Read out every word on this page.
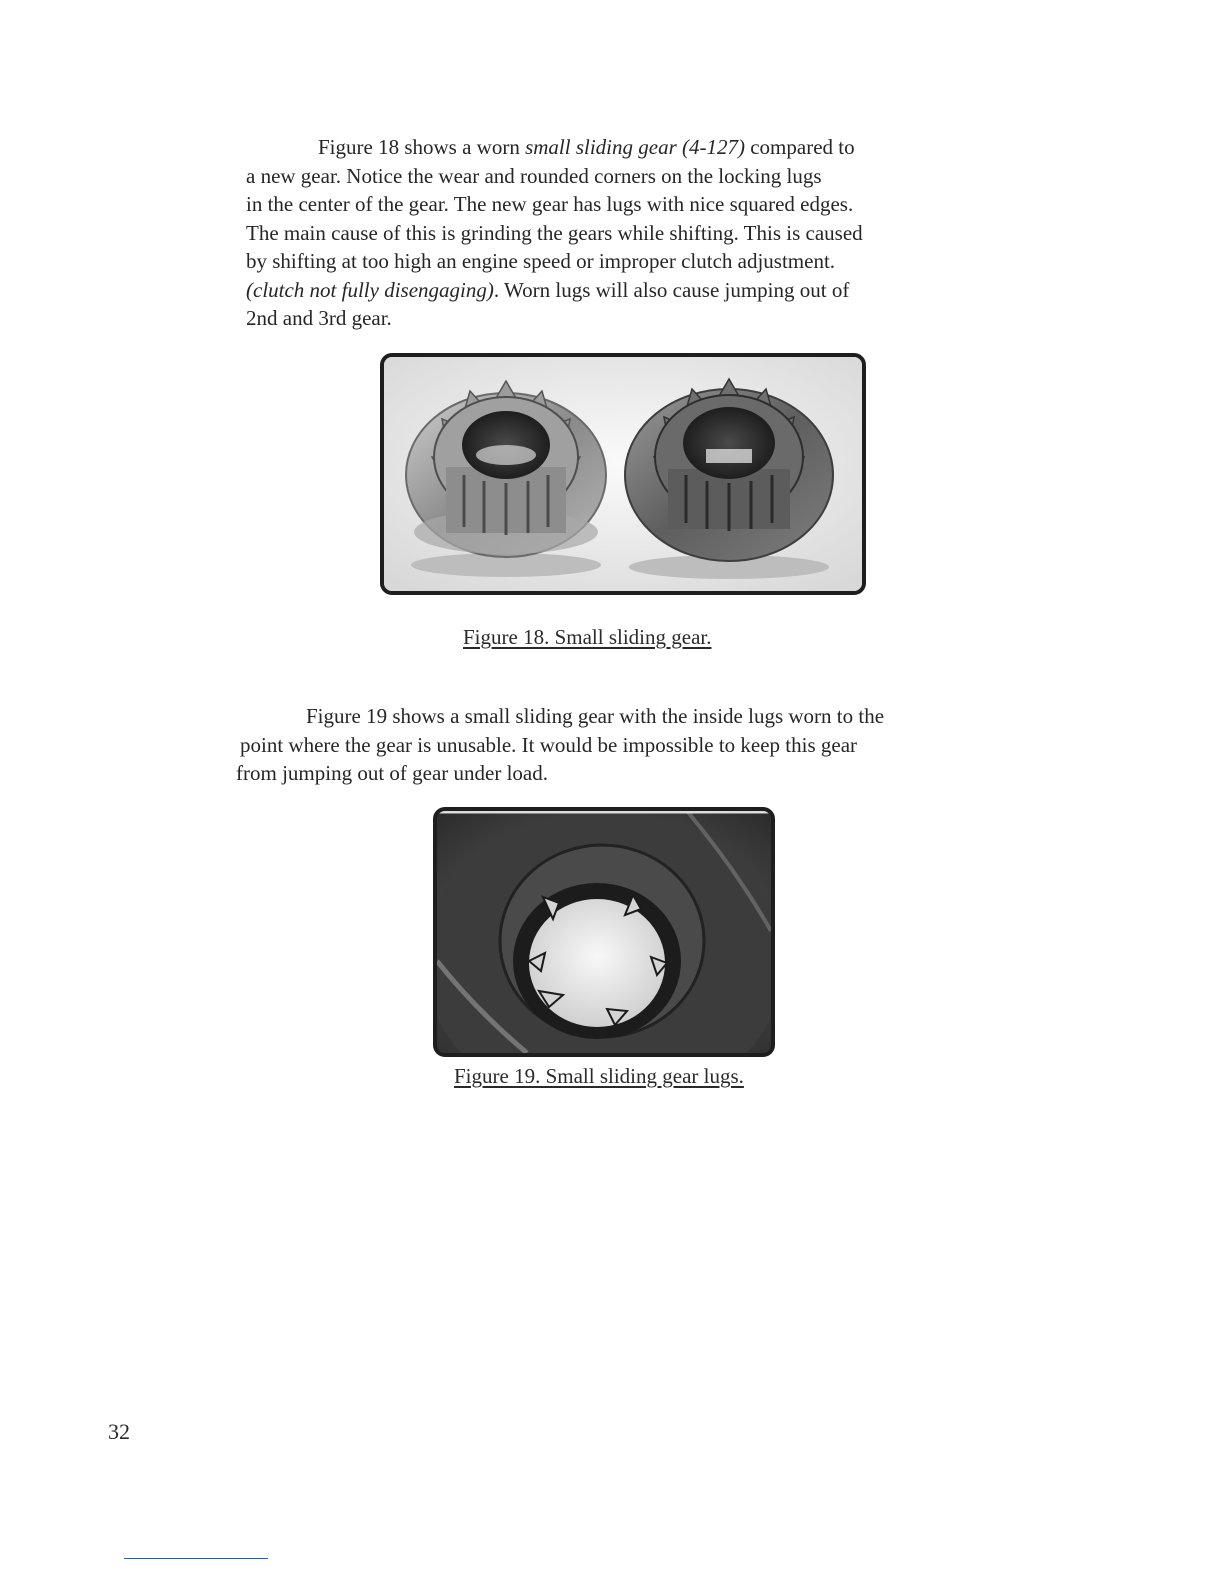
Figure 18 shows a worn small sliding gear (4-127) compared to
a new gear. Notice the wear and rounded corners on the locking lugs
in the center of the gear. The new gear has lugs with nice squared edges.
The main cause of this is grinding the gears while shifting. This is caused
by shifting at too high an engine speed or improper clutch adjustment.
(clutch not fully disengaging). Worn lugs will also cause jumping out of
2nd and 3rd gear.
Figure 18. Small sliding gear.
Figure 19 shows a small sliding gear with the inside lugs worn to the
point where the gear is unusable. It would be impossible to keep this gear
from jumping out of gear under load.
Figure 19. Small sliding gear lugs.
32
